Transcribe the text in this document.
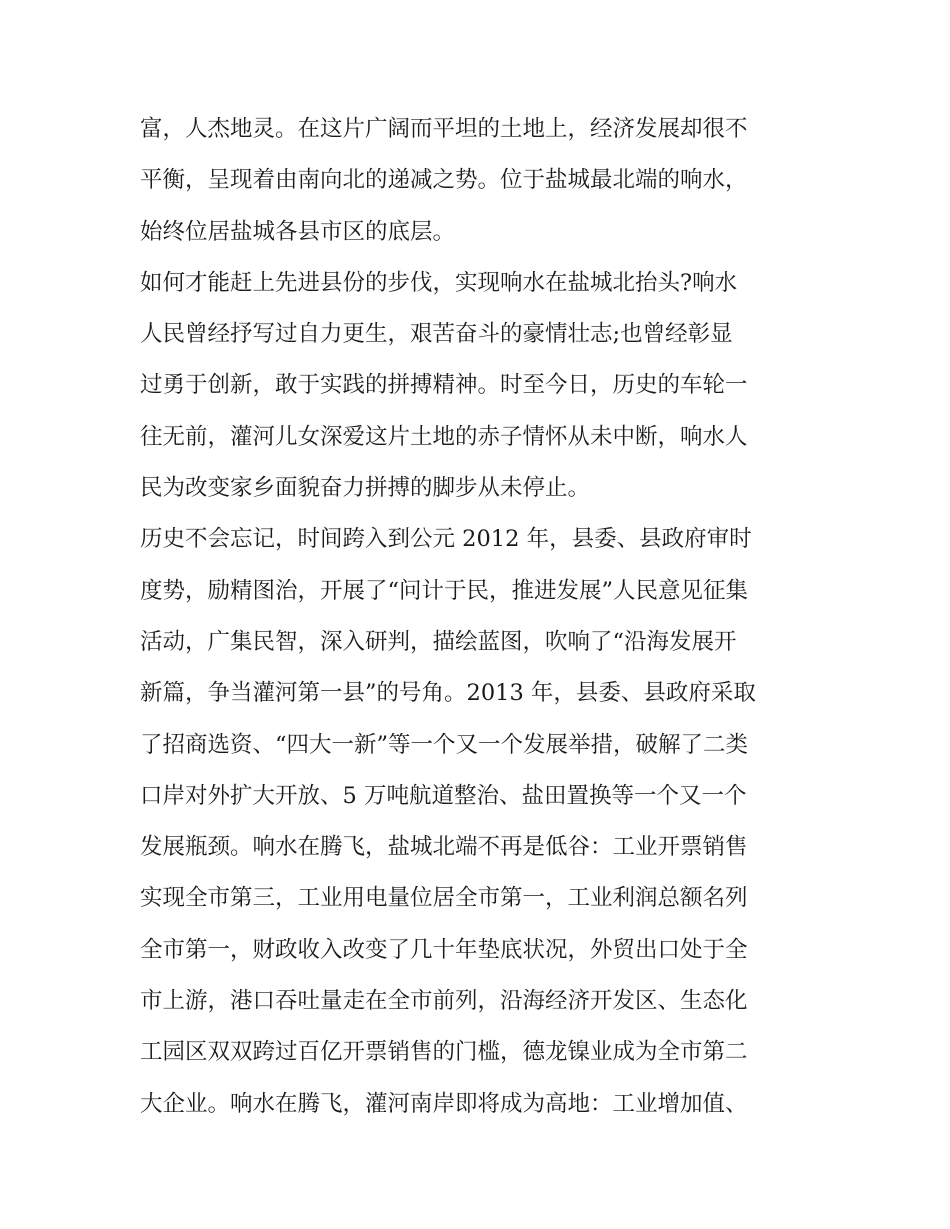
富，人杰地灵。在这片广阔而平坦的土地上，经济发展却很不
平衡，呈现着由南向北的递减之势。位于盐城最北端的响水，
始终位居盐城各县市区的底层。
如何才能赶上先进县份的步伐，实现响水在盐城北抬头?响水
人民曾经抒写过自力更生，艰苦奋斗的豪情壮志;也曾经彰显
过勇于创新，敢于实践的拼搏精神。时至今日，历史的车轮一
往无前，灌河儿女深爱这片土地的赤子情怀从未中断，响水人
民为改变家乡面貌奋力拼搏的脚步从未停止。
历史不会忘记，时间跨入到公元 2012 年，县委、县政府审时
度势，励精图治，开展了“问计于民，推进发展”人民意见征集
活动，广集民智，深入研判，描绘蓝图，吹响了“沿海发展开
新篇，争当灌河第一县”的号角。2013 年，县委、县政府采取
了招商选资、“四大一新”等一个又一个发展举措，破解了二类
口岸对外扩大开放、5 万吨航道整治、盐田置换等一个又一个
发展瓶颈。响水在腾飞，盐城北端不再是低谷：工业开票销售
实现全市第三，工业用电量位居全市第一，工业利润总额名列
全市第一，财政收入改变了几十年垫底状况，外贸出口处于全
市上游，港口吞吐量走在全市前列，沿海经济开发区、生态化
工园区双双跨过百亿开票销售的门槛，德龙镍业成为全市第二
大企业。响水在腾飞，灌河南岸即将成为高地：工业增加值、
